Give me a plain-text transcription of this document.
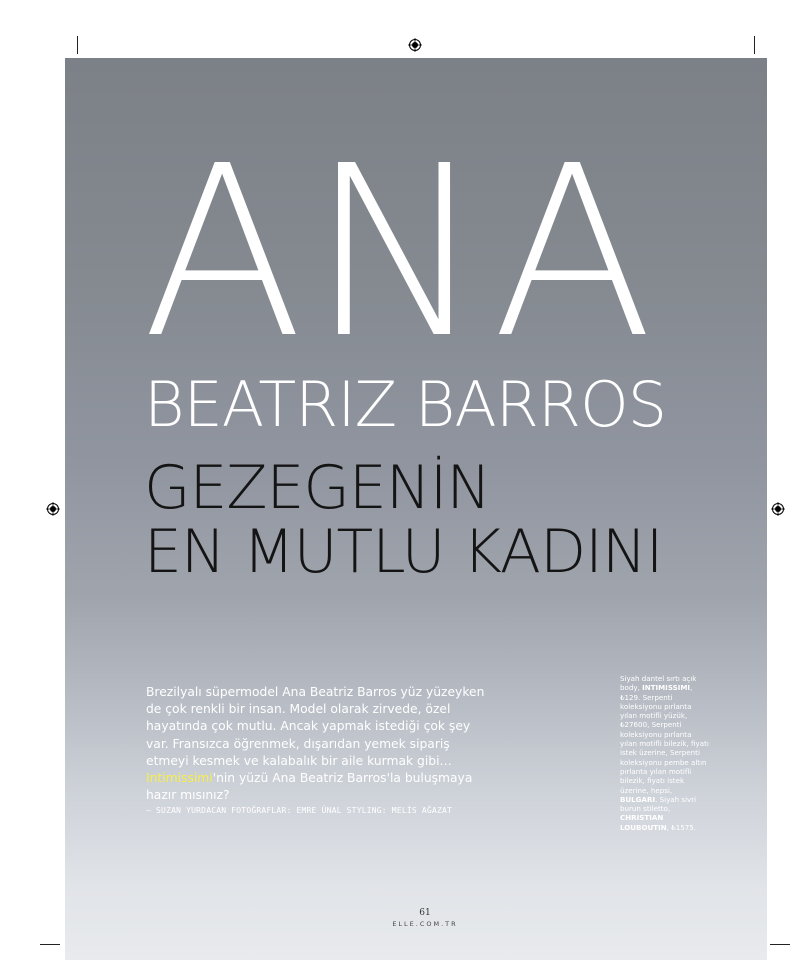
ANA
BEATRIZ BARROS
GEZEGENİN
EN MUTLU KADINI

Brezilyalı süpermodel Ana Beatriz Barros yüz yüzeyken de çok renkli bir insan. Model olarak zirvede, özel hayatında çok mutlu. Ancak yapmak istediği çok şey var. Fransızca öğrenmek, dışarıdan yemek sipariş etmeyi kesmek ve kalabalık bir aile kurmak gibi… Intimissimi'nin yüzü Ana Beatriz Barros'la buluşmaya hazır mısınız?

— SUZAN YURDACAN FOTOĞRAFLAR: EMRE ÜNAL STYLING: MELİS AĞAZAT

Siyah dantel sırtı açık body, INTIMISSIMI, ₺129. Serpenti koleksiyonu pırlanta yılan motifli yüzük, ₺27600, Serpenti koleksiyonu pırlanta yılan motifli bilezik, fiyatı istek üzerine, Serpenti koleksiyonu pembe altın pırlanta yılan motifli bilezik, fiyatı istek üzerine, hepsi, BULGARI. Siyah sivri burun stiletto, CHRISTIAN LOUBOUTIN, ₺1575.

61

ELLE.COM.TR
